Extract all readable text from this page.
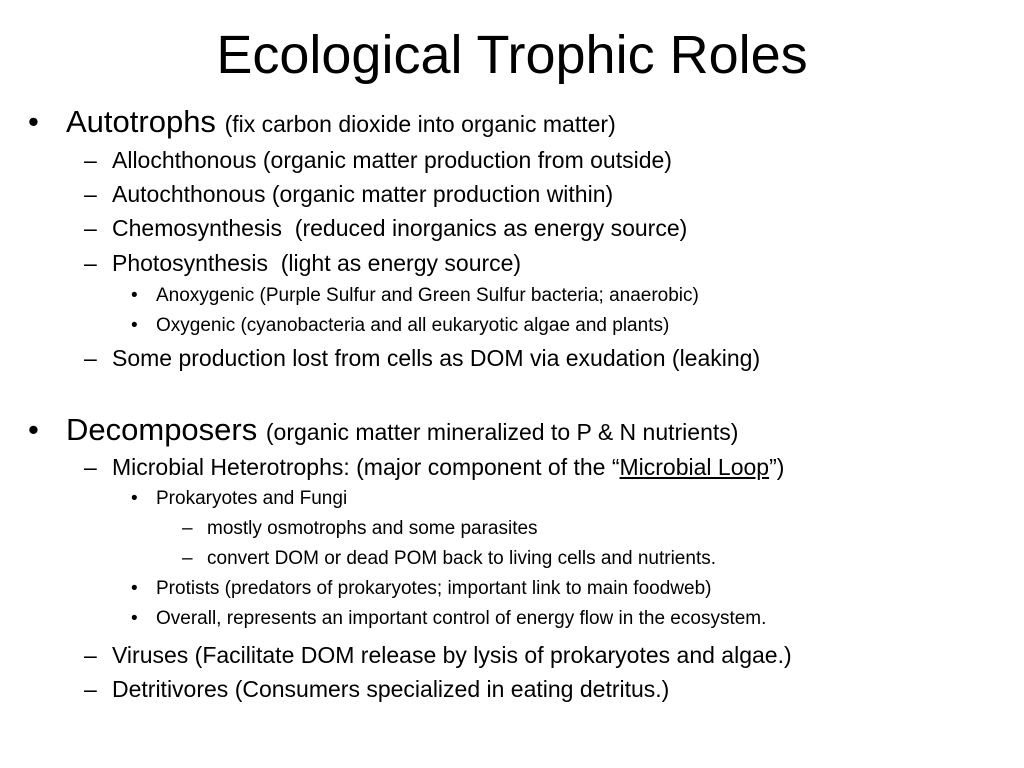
Ecological Trophic Roles
• Autotrophs (fix carbon dioxide into organic matter)
– Allochthonous (organic matter production from outside)
– Autochthonous (organic matter production within)
– Chemosynthesis  (reduced inorganics as energy source)
– Photosynthesis  (light as energy source)
• Anoxygenic (Purple Sulfur and Green Sulfur bacteria; anaerobic)
• Oxygenic (cyanobacteria and all eukaryotic algae and plants)
– Some production lost from cells as DOM via exudation (leaking)
• Decomposers (organic matter mineralized to P & N nutrients)
– Microbial Heterotrophs: (major component of the “Microbial Loop”)
• Prokaryotes and Fungi
– mostly osmotrophs and some parasites
– convert DOM or dead POM back to living cells and nutrients.
• Protists (predators of prokaryotes; important link to main foodweb)
• Overall, represents an important control of energy flow in the ecosystem.
– Viruses (Facilitate DOM release by lysis of prokaryotes and algae.)
– Detritivores (Consumers specialized in eating detritus.)
